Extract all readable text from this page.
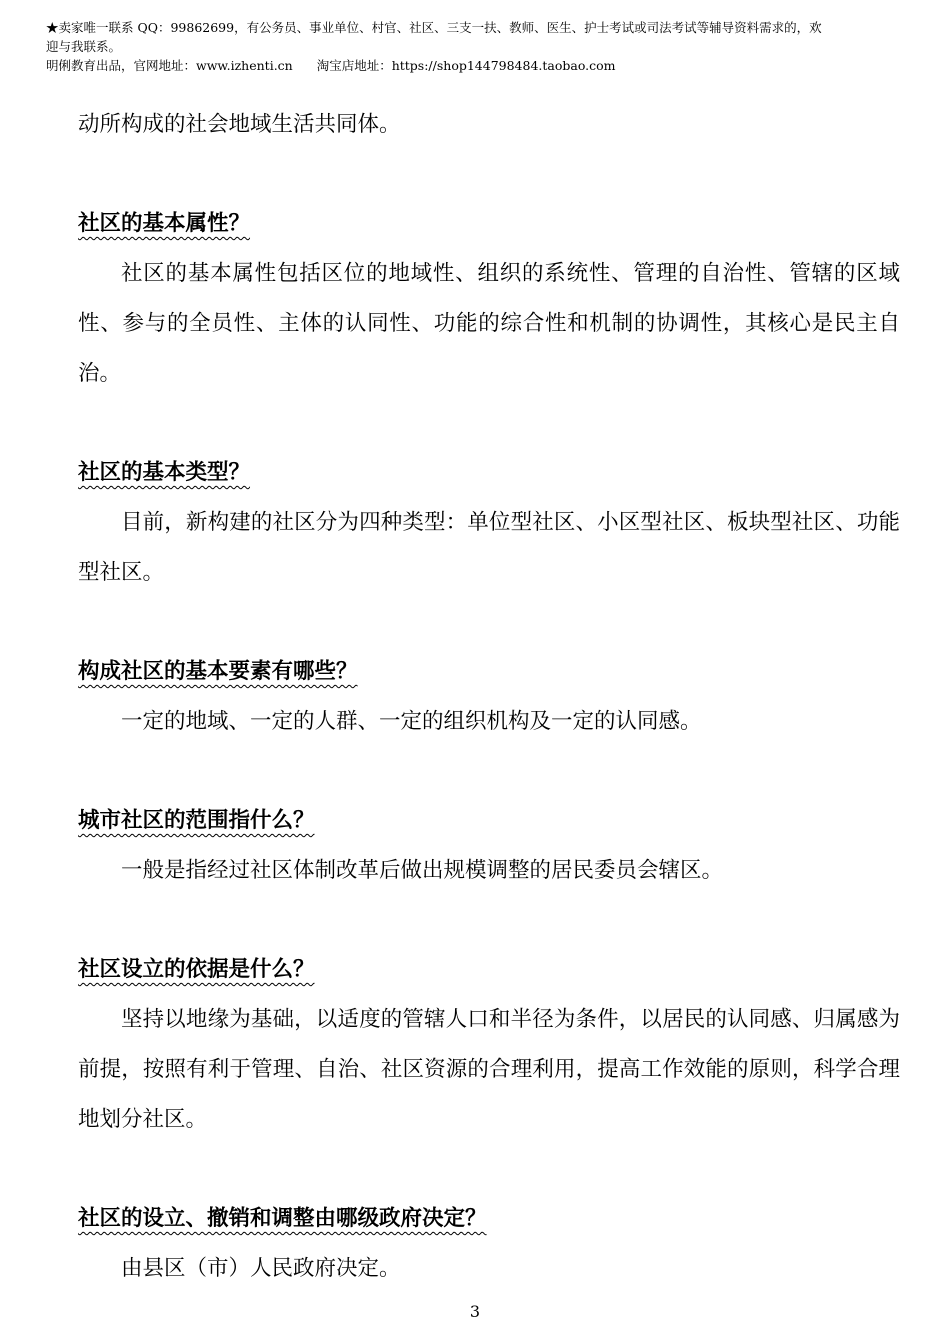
★卖家唯一联系 QQ：99862699，有公务员、事业单位、村官、社区、三支一扶、教师、医生、护士考试或司法考试等辅导资料需求的，欢
迎与我联系。
明俐教育出品，官网地址：www.izhenti.cn 淘宝店地址：https://shop144798484.taobao.com

动所构成的社会地域生活共同体。

社区的基本属性？

社区的基本属性包括区位的地域性、组织的系统性、管理的自治性、管辖的区域性、参与的全员性、主体的认同性、功能的综合性和机制的协调性，其核心是民主自治。

社区的基本类型？

目前，新构建的社区分为四种类型：单位型社区、小区型社区、板块型社区、功能型社区。

构成社区的基本要素有哪些？

一定的地域、一定的人群、一定的组织机构及一定的认同感。

城市社区的范围指什么？

一般是指经过社区体制改革后做出规模调整的居民委员会辖区。

社区设立的依据是什么？

坚持以地缘为基础，以适度的管辖人口和半径为条件，以居民的认同感、归属感为前提，按照有利于管理、自治、社区资源的合理利用，提高工作效能的原则，科学合理地划分社区。

社区的设立、撤销和调整由哪级政府决定？

由县区（市）人民政府决定。

3
